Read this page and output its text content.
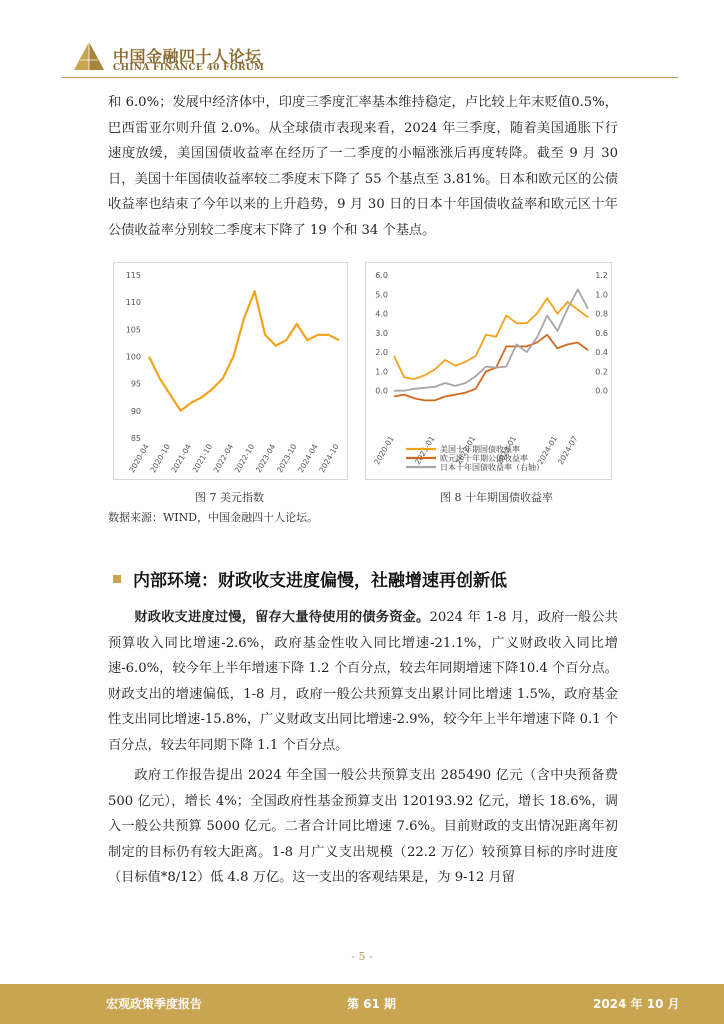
中国金融四十人论坛
CHINA FINANCE 40 FORUM

和 6.0%；发展中经济体中，印度三季度汇率基本维持稳定，卢比较上年末贬值0.5%，巴西雷亚尔则升值 2.0%。从全球债市表现来看，2024 年三季度，随着美国通胀下行速度放缓，美国国债收益率在经历了一二季度的小幅涨涨后再度转降。截至 9 月 30 日，美国十年国债收益率较二季度末下降了 55 个基点至 3.81%。日本和欧元区的公债收益率也结束了今年以来的上升趋势，9 月 30 日的日本十年国债收益率和欧元区十年公债收益率分别较二季度末下降了 19 个和 34 个基点。

85
90
95
100
105
110
115
2020-04
2020-10
2021-04
2021-10
2022-04
2022-10
2023-04
2023-10
2024-04
2024-10
0.0
1.0
2.0
3.0
4.0
5.0
6.0
0.0
0.2
0.4
0.6
0.8
1.0
1.2
2020-01 2021-01 2022-01 2023-01 2024-01
2024-07
美国十年期国债收益率
欧元区十年期公债收益率
日本十年国债收益率（右轴）
图 7 美元指数	图 8 十年期国债收益率
数据来源：WIND，中国金融四十人论坛。
内部环境：财政收支进度偏慢，社融增速再创新低

财政收支进度过慢，留存大量待使用的债务资金。2024 年 1-8 月，政府一般公共预算收入同比增速-2.6%，政府基金性收入同比增速-21.1%，广义财政收入同比增速-6.0%，较今年上半年增速下降 1.2 个百分点，较去年同期增速下降10.4 个百分点。财政支出的增速偏低，1-8 月，政府一般公共预算支出累计同比增速 1.5%，政府基金性支出同比增速-15.8%，广义财政支出同比增速-2.9%，较今年上半年增速下降 0.1 个百分点，较去年同期下降 1.1 个百分点。

政府工作报告提出 2024 年全国一般公共预算支出 285490 亿元（含中央预备费 500 亿元），增长 4%；全国政府性基金预算支出 120193.92 亿元，增长 18.6%，调入一般公共预算 5000 亿元。二者合计同比增速 7.6%。目前财政的支出情况距离年初制定的目标仍有较大距离。1-8 月广义支出规模（22.2 万亿）较预算目标的序时进度（目标值*8/12）低 4.8 万亿。这一支出的客观结果是，为 9-12 月留

- 5 -
宏观政策季度报告	第 61 期	2024 年 10 月
